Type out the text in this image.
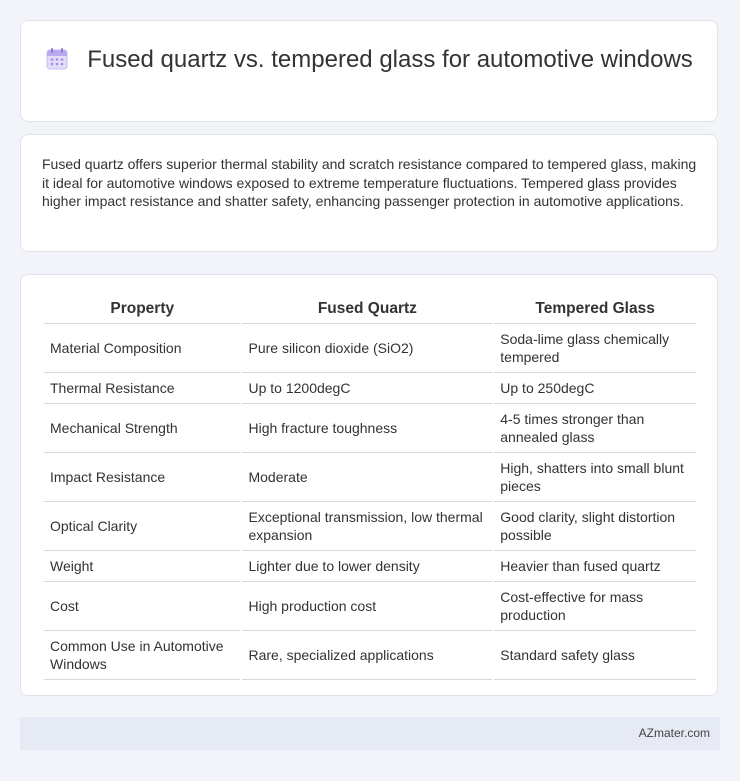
Fused quartz vs. tempered glass for automotive windows

Fused quartz offers superior thermal stability and scratch resistance compared to tempered glass, making it ideal for automotive windows exposed to extreme temperature fluctuations. Tempered glass provides higher impact resistance and shatter safety, enhancing passenger protection in automotive applications.

Property	Fused Quartz	Tempered Glass
Material Composition	Pure silicon dioxide (SiO2)	Soda-lime glass chemically tempered
Thermal Resistance	Up to 1200degC	Up to 250degC
Mechanical Strength	High fracture toughness	4-5 times stronger than annealed glass
Impact Resistance	Moderate	High, shatters into small blunt pieces
Optical Clarity	Exceptional transmission, low thermal expansion	Good clarity, slight distortion possible
Weight	Lighter due to lower density	Heavier than fused quartz
Cost	High production cost	Cost-effective for mass production
Common Use in Automotive Windows	Rare, specialized applications	Standard safety glass
AZmater.com
